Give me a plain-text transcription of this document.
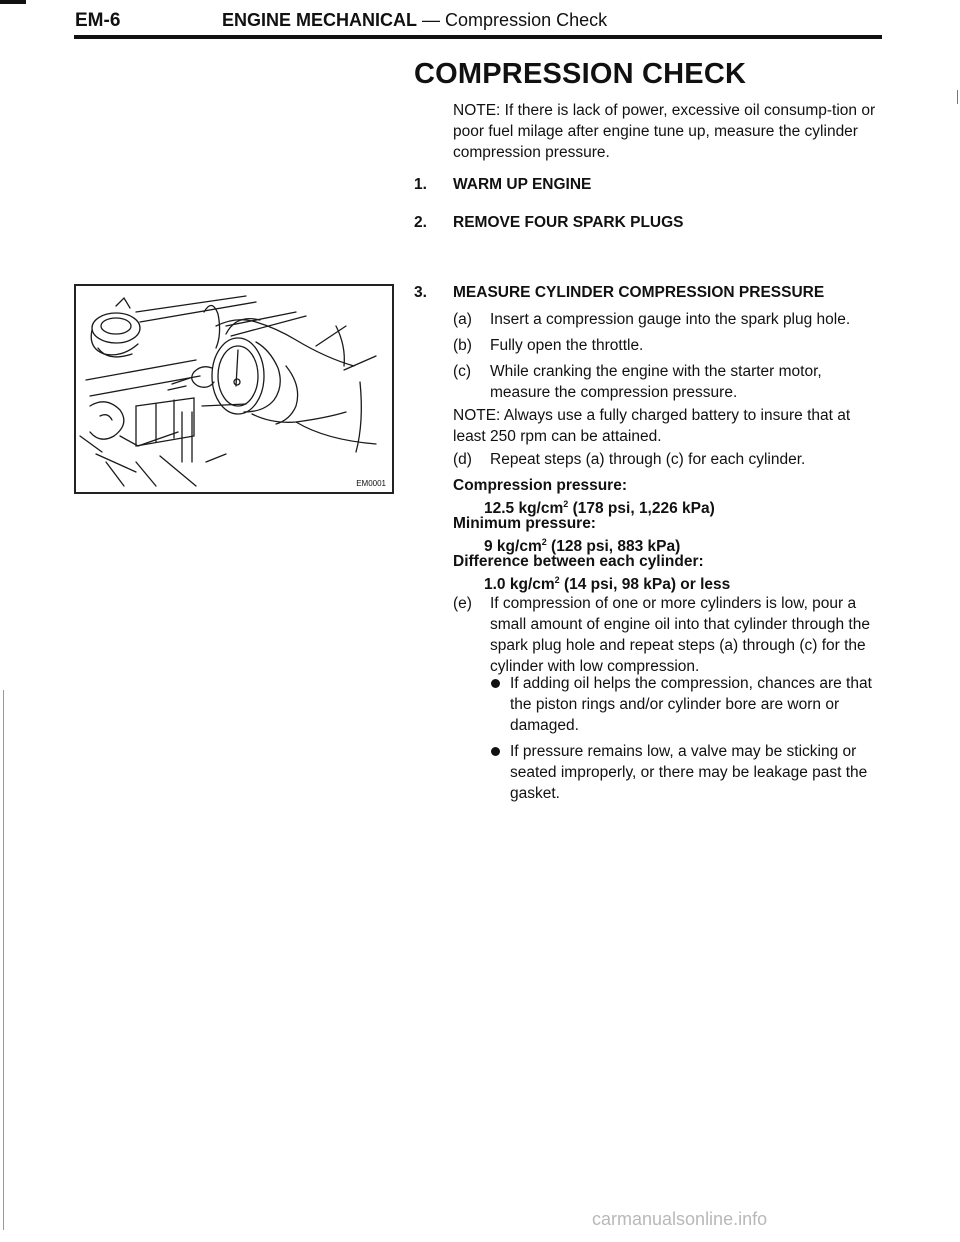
EM-6	ENGINE MECHANICAL — Compression Check
COMPRESSION CHECK
NOTE: If there is lack of power, excessive oil consump-tion or poor fuel milage after engine tune up, measure the cylinder compression pressure.
1. WARM UP ENGINE
2. REMOVE FOUR SPARK PLUGS
3. MEASURE CYLINDER COMPRESSION PRESSURE
(a) Insert a compression gauge into the spark plug hole.
(b) Fully open the throttle.
(c) While cranking the engine with the starter motor, measure the compression pressure.
NOTE: Always use a fully charged battery to insure that at least 250 rpm can be attained.
(d) Repeat steps (a) through (c) for each cylinder.
Compression pressure:
12.5 $kg/cm^2$ (178 psi, 1,226 kPa)
Minimum pressure:
9 $kg/cm^2$ (128 psi, 883 kPa)
Difference between each cylinder:
1.0 $kg/cm^2$ (14 psi, 98 kPa) or less
(e) If compression of one or more cylinders is low, pour a small amount of engine oil into that cylinder through the spark plug hole and repeat steps (a) through (c) for the cylinder with low compression.
If adding oil helps the compression, chances are that the piston rings and/or cylinder bore are worn or damaged.
If pressure remains low, a valve may be sticking or seated improperly, or there may be leakage past the gasket.
EM0001
carmanualsonline.info
